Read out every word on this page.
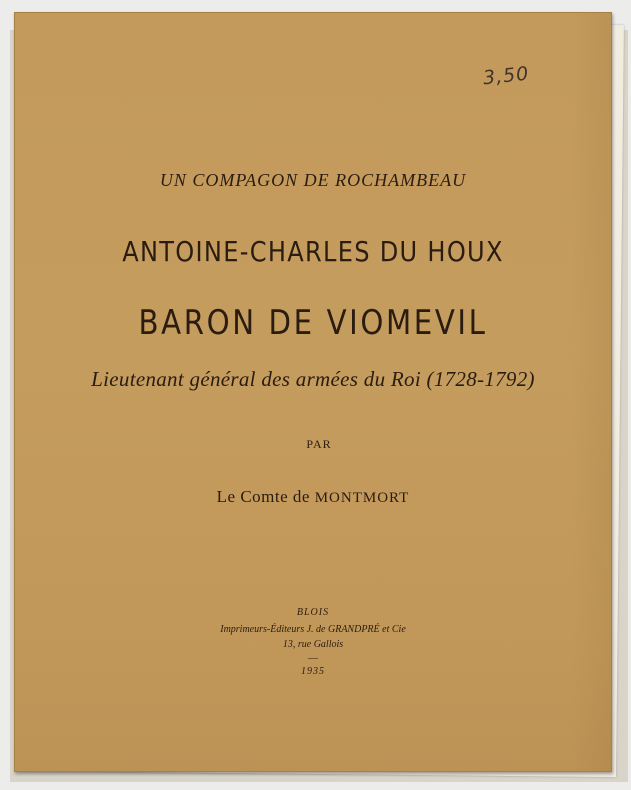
3,50
UN COMPAGON DE ROCHAMBEAU
ANTOINE-CHARLES DU HOUX
BARON DE VIOMEVIL
Lieutenant général des armées du Roi (1728-1792)
PAR
Le Comte de MONTMORT
BLOIS
Imprimeurs-Éditeurs J. de GRANDPRÉ et Cie
13, rue Gallois
—
1935
